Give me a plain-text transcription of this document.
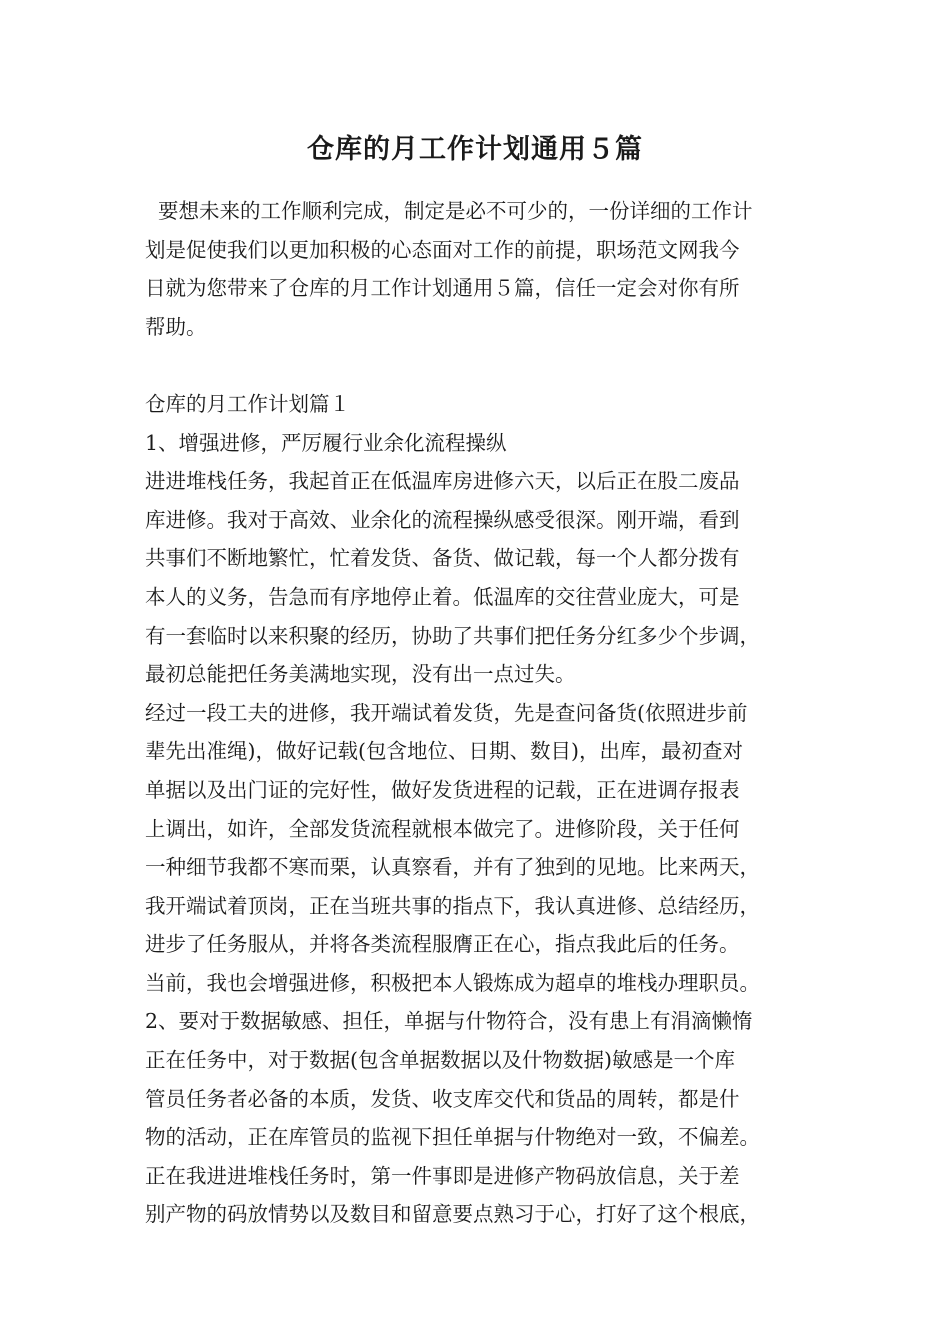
仓库的月工作计划通用５篇
要想未来的工作顺利完成，制定是必不可少的，一份详细的工作计
划是促使我们以更加积极的心态面对工作的前提，职场范文网我今
日就为您带来了仓库的月工作计划通用５篇，信任一定会对你有所
帮助。
仓库的月工作计划篇１
1、增强进修，严厉履行业余化流程操纵
进进堆栈任务，我起首正在低温库房进修六天，以后正在股二废品
库进修。我对于高效、业余化的流程操纵感受很深。刚开端，看到
共事们不断地繁忙，忙着发货、备货、做记载，每一个人都分拨有
本人的义务，告急而有序地停止着。低温库的交往营业庞大，可是
有一套临时以来积聚的经历，协助了共事们把任务分红多少个步调，
最初总能把任务美满地实现，没有出一点过失。
经过一段工夫的进修，我开端试着发货，先是查问备货(依照进步前
辈先出准绳)，做好记载(包含地位、日期、数目)，出库，最初查对
单据以及出门证的完好性，做好发货进程的记载，正在进调存报表
上调出，如许，全部发货流程就根本做完了。进修阶段，关于任何
一种细节我都不寒而栗，认真察看，并有了独到的见地。比来两天，
我开端试着顶岗，正在当班共事的指点下，我认真进修、总结经历，
进步了任务服从，并将各类流程服膺正在心，指点我此后的任务。
当前，我也会增强进修，积极把本人锻炼成为超卓的堆栈办理职员。
2、要对于数据敏感、担任，单据与什物符合，没有患上有涓滴懒惰
正在任务中，对于数据(包含单据数据以及什物数据)敏感是一个库
管员任务者必备的本质，发货、收支库交代和货品的周转，都是什
物的活动，正在库管员的监视下担任单据与什物绝对一致，不偏差。
正在我进进堆栈任务时，第一件事即是进修产物码放信息，关于差
别产物的码放情势以及数目和留意要点熟习于心，打好了这个根底，
